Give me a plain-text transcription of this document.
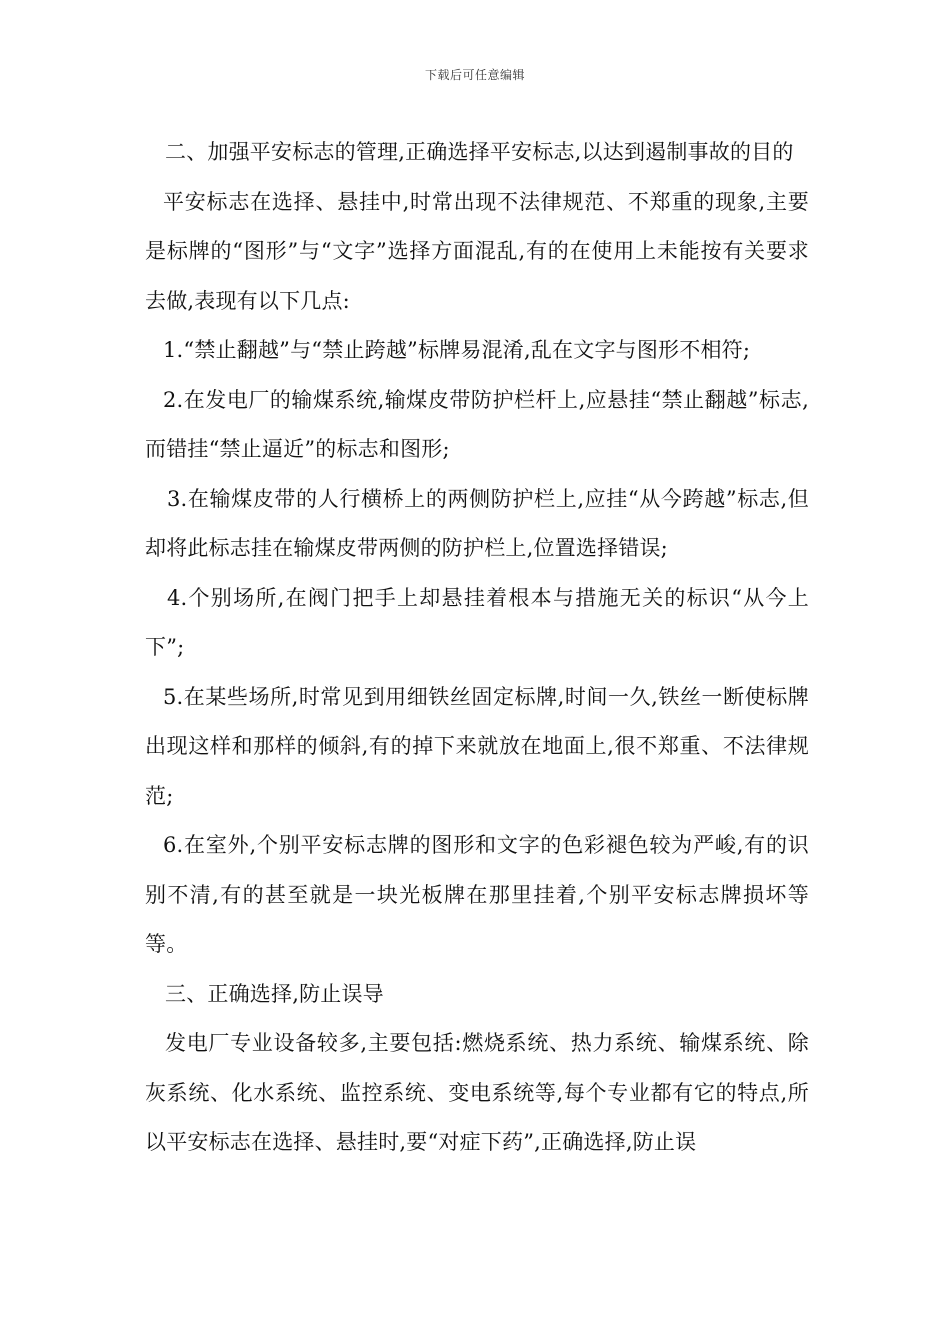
下载后可任意编辑

二、加强平安标志的管理,正确选择平安标志,以达到遏制事故的目的

平安标志在选择、悬挂中,时常出现不法律规范、不郑重的现象,主要是标牌的“图形”与“文字”选择方面混乱,有的在使用上未能按有关要求去做,表现有以下几点:

1.“禁止翻越”与“禁止跨越”标牌易混淆,乱在文字与图形不相符;

2.在发电厂的输煤系统,输煤皮带防护栏杆上,应悬挂“禁止翻越”标志,而错挂“禁止逼近”的标志和图形;

3.在输煤皮带的人行横桥上的两侧防护栏上,应挂“从今跨越”标志,但却将此标志挂在输煤皮带两侧的防护栏上,位置选择错误;

4.个别场所,在阀门把手上却悬挂着根本与措施无关的标识“从今上下”;

5.在某些场所,时常见到用细铁丝固定标牌,时间一久,铁丝一断使标牌出现这样和那样的倾斜,有的掉下来就放在地面上,很不郑重、不法律规范;

6.在室外,个别平安标志牌的图形和文字的色彩褪色较为严峻,有的识别不清,有的甚至就是一块光板牌在那里挂着,个别平安标志牌损坏等等。

三、正确选择,防止误导

发电厂专业设备较多,主要包括:燃烧系统、热力系统、输煤系统、除灰系统、化水系统、监控系统、变电系统等,每个专业都有它的特点,所以平安标志在选择、悬挂时,要“对症下药”,正确选择,防止误
